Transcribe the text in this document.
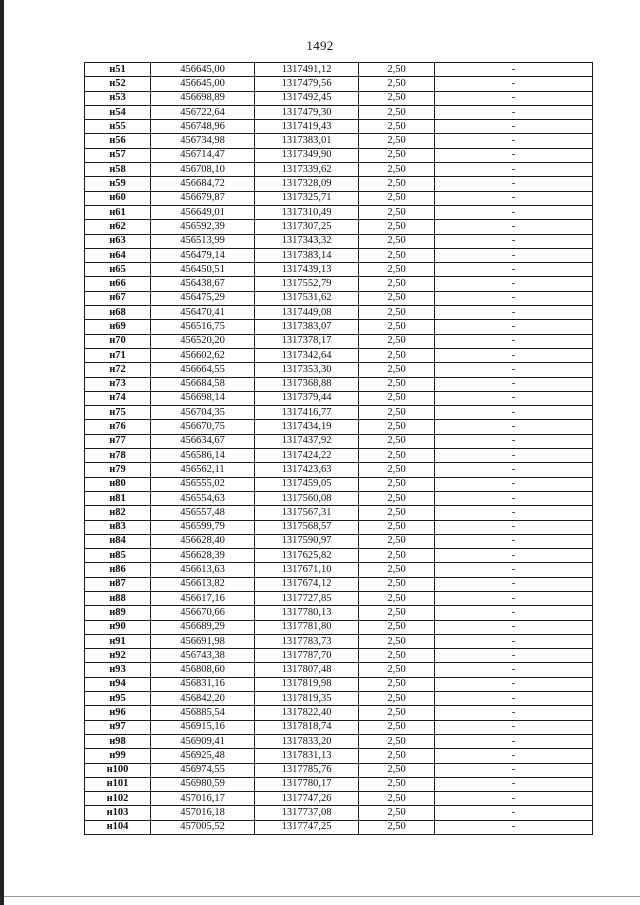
1492
н51	456645,00	1317491,12	2,50	-
н52	456645,00	1317479,56	2,50	-
н53	456698,89	1317492,45	2,50	-
н54	456722,64	1317479,30	2,50	-
н55	456748,96	1317419,43	2,50	-
н56	456734,98	1317383,01	2,50	-
н57	456714,47	1317349,90	2,50	-
н58	456708,10	1317339,62	2,50	-
н59	456684,72	1317328,09	2,50	-
н60	456679,87	1317325,71	2,50	-
н61	456649,01	1317310,49	2,50	-
н62	456592,39	1317307,25	2,50	-
н63	456513,99	1317343,32	2,50	-
н64	456479,14	1317383,14	2,50	-
н65	456450,51	1317439,13	2,50	-
н66	456438,67	1317552,79	2,50	-
н67	456475,29	1317531,62	2,50	-
н68	456470,41	1317449,08	2,50	-
н69	456516,75	1317383,07	2,50	-
н70	456520,20	1317378,17	2,50	-
н71	456602,62	1317342,64	2,50	-
н72	456664,55	1317353,30	2,50	-
н73	456684,58	1317368,88	2,50	-
н74	456698,14	1317379,44	2,50	-
н75	456704,35	1317416,77	2,50	-
н76	456670,75	1317434,19	2,50	-
н77	456634,67	1317437,92	2,50	-
н78	456586,14	1317424,22	2,50	-
н79	456562,11	1317423,63	2,50	-
н80	456555,02	1317459,05	2,50	-
н81	456554,63	1317560,08	2,50	-
н82	456557,48	1317567,31	2,50	-
н83	456599,79	1317568,57	2,50	-
н84	456628,40	1317590,97	2,50	-
н85	456628,39	1317625,82	2,50	-
н86	456613,63	1317671,10	2,50	-
н87	456613,82	1317674,12	2,50	-
н88	456617,16	1317727,85	2,50	-
н89	456670,66	1317780,13	2,50	-
н90	456689,29	1317781,80	2,50	-
н91	456691,98	1317783,73	2,50	-
н92	456743,38	1317787,70	2,50	-
н93	456808,60	1317807,48	2,50	-
н94	456831,16	1317819,98	2,50	-
н95	456842,20	1317819,35	2,50	-
н96	456885,54	1317822,40	2,50	-
н97	456915,16	1317818,74	2,50	-
н98	456909,41	1317833,20	2,50	-
н99	456925,48	1317831,13	2,50	-
н100	456974,55	1317785,76	2,50	-
н101	456980,59	1317780,17	2,50	-
н102	457016,17	1317747,26	2,50	-
н103	457016,18	1317737,08	2,50	-
н104	457005,52	1317747,25	2,50	-
